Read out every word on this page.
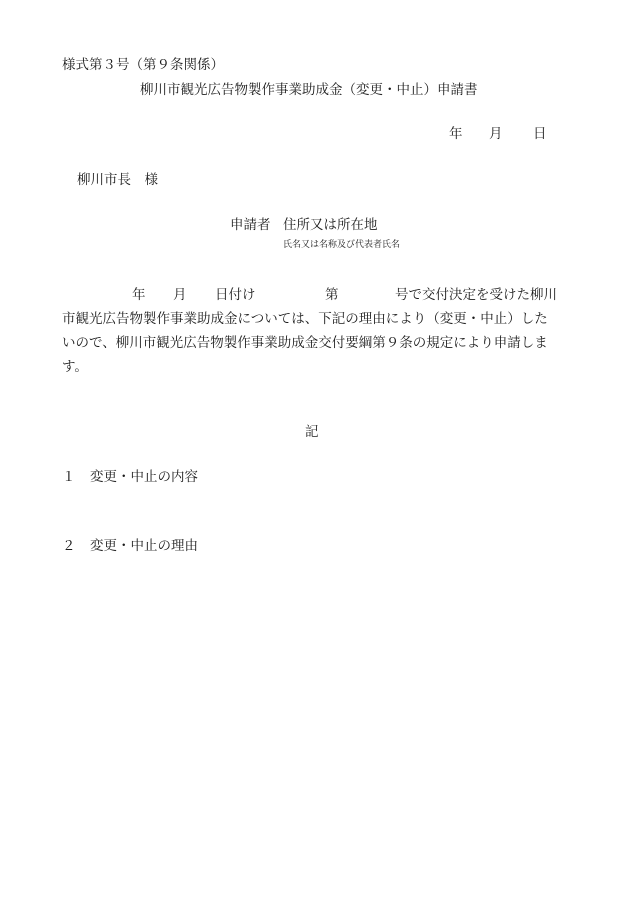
様式第３号（第９条関係）
柳川市観光広告物製作事業助成金（変更・中止）申請書
年 月 日
柳川市長　様
申請者 住所又は所在地
氏名又は名称及び代表者氏名
年 月 日付け	第	号で交付決定を受けた柳川
市観光広告物製作事業助成金については、下記の理由により（変更・中止）した
いので、柳川市観光広告物製作事業助成金交付要綱第９条の規定により申請しま
す。
記
１ 変更・中止の内容
２ 変更・中止の理由
